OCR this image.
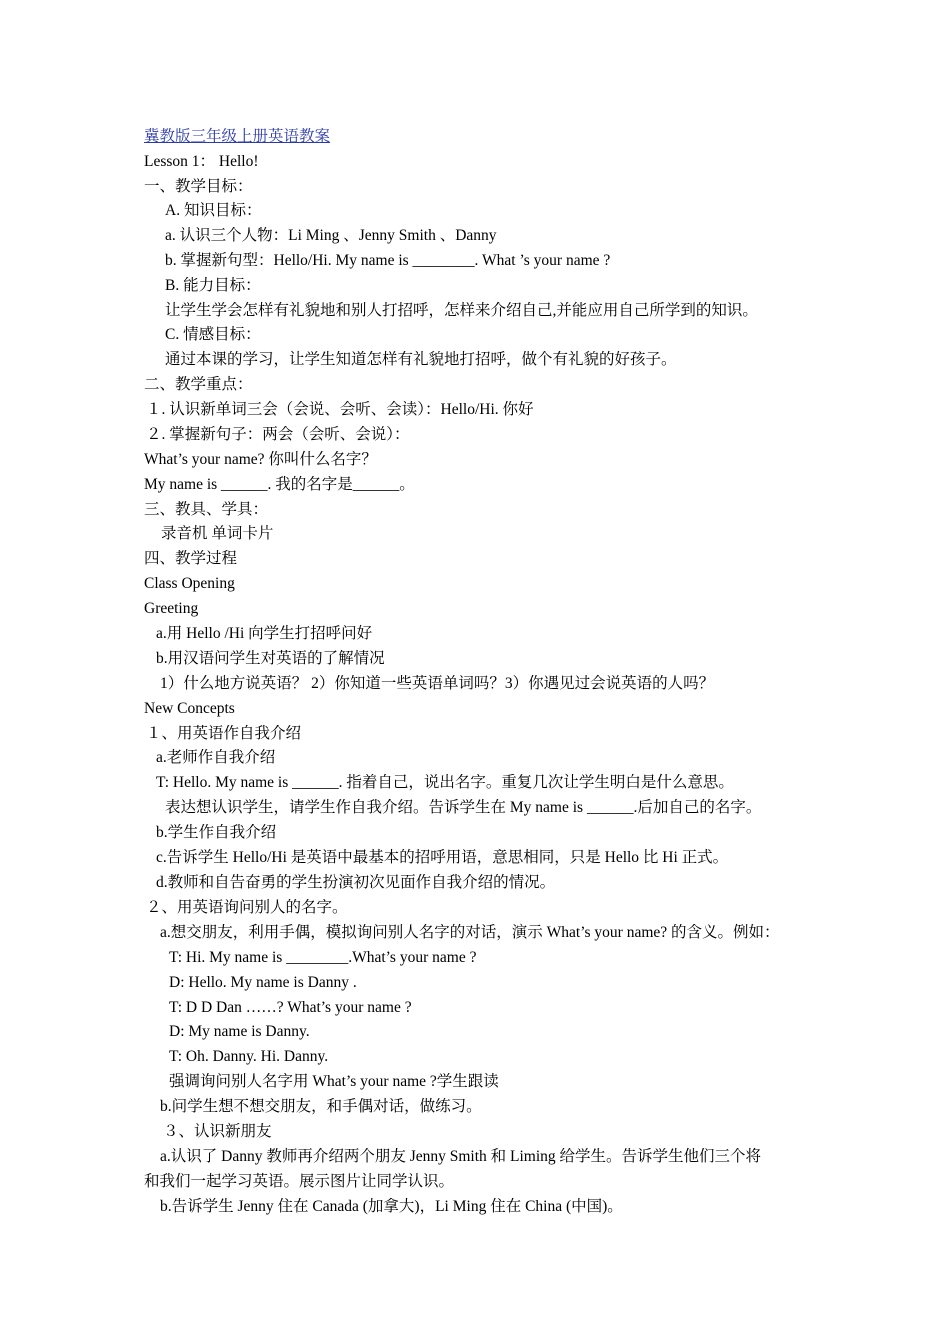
冀教版三年级上册英语教案
Lesson 1： Hello!
一、教学目标：
A. 知识目标：
a. 认识三个人物：Li Ming 、Jenny Smith 、Danny
b. 掌握新句型：Hello/Hi. My name is ________. What ’s your name ?
B. 能力目标：
让学生学会怎样有礼貌地和别人打招呼，怎样来介绍自己,并能应用自己所学到的知识。
C. 情感目标：
通过本课的学习，让学生知道怎样有礼貌地打招呼，做个有礼貌的好孩子。
二、教学重点：
１. 认识新单词三会（会说、会听、会读）：Hello/Hi. 你好
２. 掌握新句子：两会（会听、会说）：
What’s your name? 你叫什么名字？
My name is ______. 我的名字是______。
三、教具、学具：
录音机 单词卡片
四、教学过程
Class Opening
Greeting
a.用 Hello /Hi 向学生打招呼问好
b.用汉语问学生对英语的了解情况
1）什么地方说英语？ 2）你知道一些英语单词吗？3）你遇见过会说英语的人吗？
New Concepts
１、用英语作自我介绍
a.老师作自我介绍
T: Hello. My name is ______. 指着自己，说出名字。重复几次让学生明白是什么意思。
表达想认识学生，请学生作自我介绍。告诉学生在 My name is ______.后加自己的名字。
b.学生作自我介绍
c.告诉学生 Hello/Hi 是英语中最基本的招呼用语，意思相同，只是 Hello 比 Hi 正式。
d.教师和自告奋勇的学生扮演初次见面作自我介绍的情况。
２、用英语询问别人的名字。
a.想交朋友，利用手偶，模拟询问别人名字的对话，演示 What’s your name? 的含义。例如：
T: Hi. My name is ________.What’s your name ?
D: Hello. My name is Danny .
T: D D Dan ……? What’s your name ?
D: My name is Danny.
T: Oh. Danny. Hi. Danny.
强调询问别人名字用 What’s your name ?学生跟读
b.问学生想不想交朋友，和手偶对话，做练习。
３、认识新朋友
a.认识了 Danny 教师再介绍两个朋友 Jenny Smith 和 Liming 给学生。告诉学生他们三个将
和我们一起学习英语。展示图片让同学认识。
b.告诉学生 Jenny 住在 Canada (加拿大)，Li Ming 住在 China (中国)。
